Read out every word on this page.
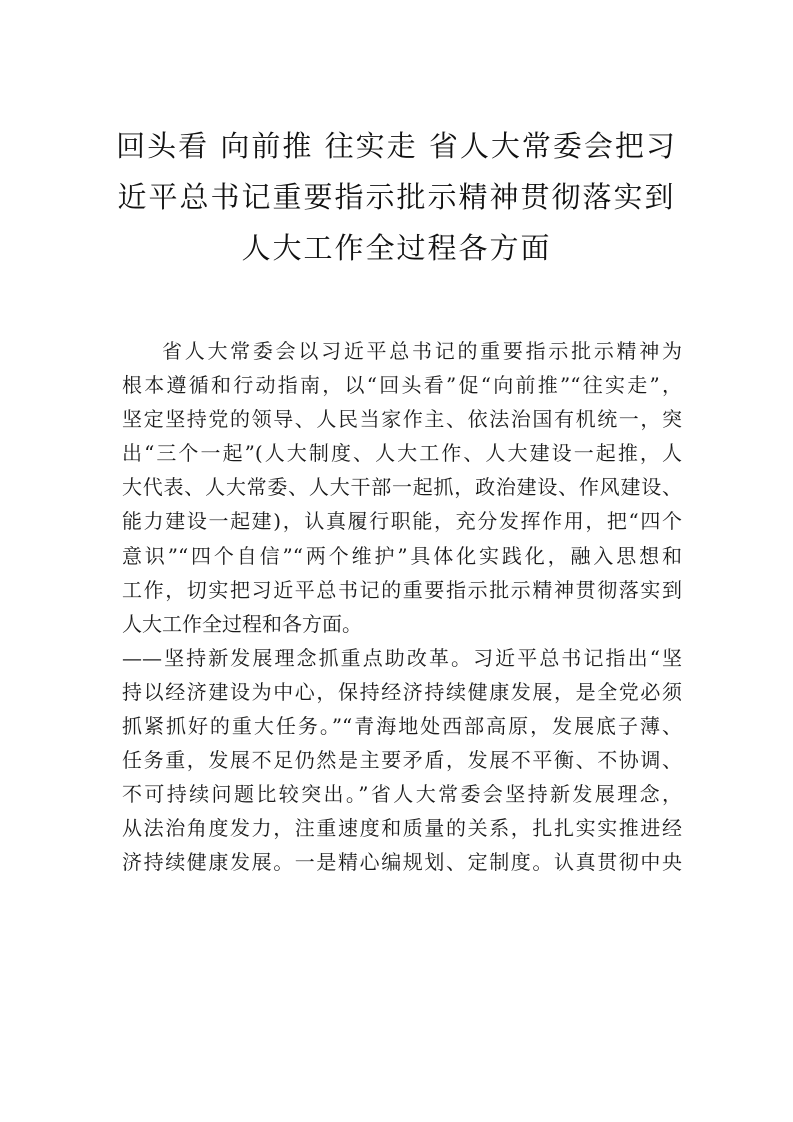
回头看 向前推 往实走 省人大常委会把习
近平总书记重要指示批示精神贯彻落实到
人大工作全过程各方面
省人大常委会以习近平总书记的重要指示批示精神为
根本遵循和行动指南，以“回头看”促“向前推”“往实走”，
坚定坚持党的领导、人民当家作主、依法治国有机统一，突
出“三个一起”(人大制度、人大工作、人大建设一起推，人
大代表、人大常委、人大干部一起抓，政治建设、作风建设、
能力建设一起建)，认真履行职能，充分发挥作用，把“四个
意识”“四个自信”“两个维护”具体化实践化，融入思想和
工作，切实把习近平总书记的重要指示批示精神贯彻落实到
人大工作全过程和各方面。
——坚持新发展理念抓重点助改革。习近平总书记指出“坚
持以经济建设为中心，保持经济持续健康发展，是全党必须
抓紧抓好的重大任务。”“青海地处西部高原，发展底子薄、
任务重，发展不足仍然是主要矛盾，发展不平衡、不协调、
不可持续问题比较突出。”省人大常委会坚持新发展理念，
从法治角度发力，注重速度和质量的关系，扎扎实实推进经
济持续健康发展。一是精心编规划、定制度。认真贯彻中央
